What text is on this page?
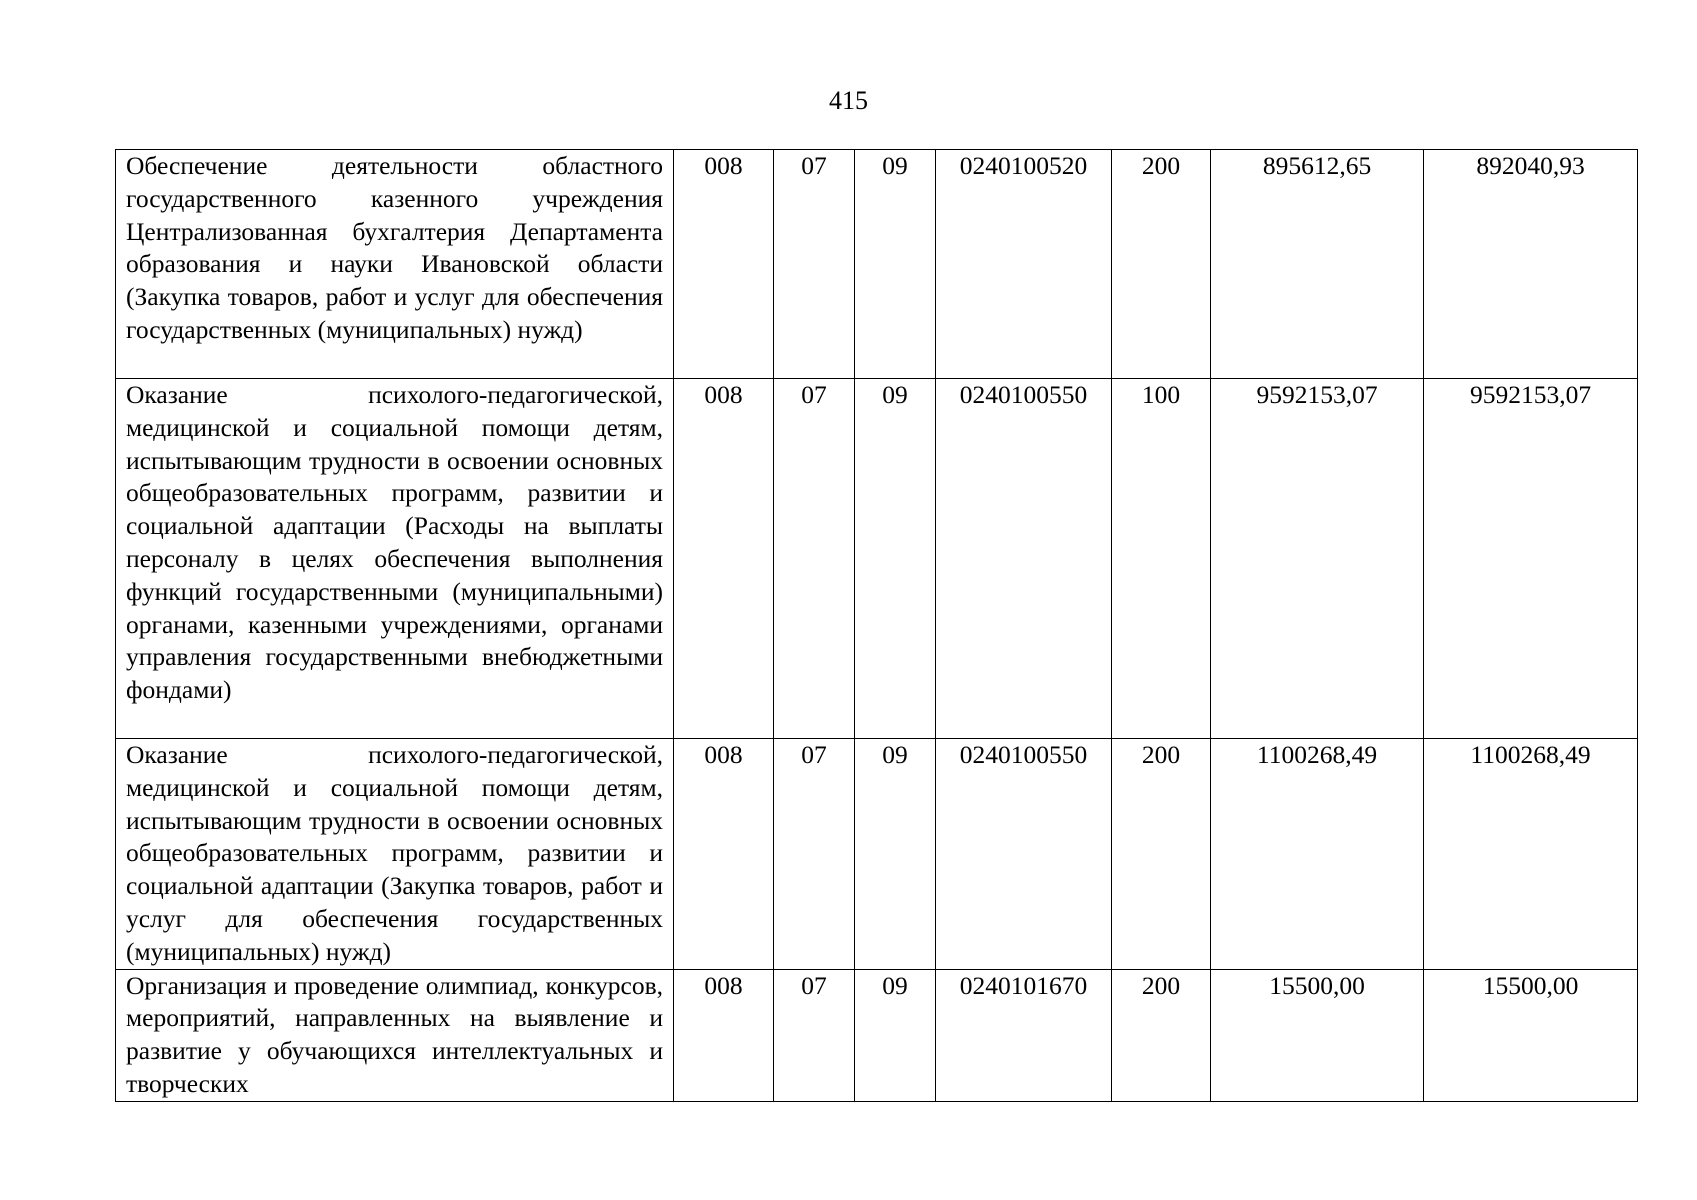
415
Обеспечение деятельности областного государственного казенного учреждения Централизованная бухгалтерия Департамента образования и науки Ивановской области (Закупка товаров, работ и услуг для обеспечения государственных (муниципальных) нужд)	008	07	09	0240100520	200	895612,65	892040,93
Оказание психолого-педагогической, медицинской и социальной помощи детям, испытывающим трудности в освоении основных общеобразовательных программ, развитии и социальной адаптации (Расходы на выплаты персоналу в целях обеспечения выполнения функций государственными (муниципальными) органами, казенными учреждениями, органами управления государственными внебюджетными фондами)	008	07	09	0240100550	100	9592153,07	9592153,07
Оказание психолого-педагогической, медицинской и социальной помощи детям, испытывающим трудности в освоении основных общеобразовательных программ, развитии и социальной адаптации (Закупка товаров, работ и услуг для обеспечения государственных (муниципальных) нужд)	008	07	09	0240100550	200	1100268,49	1100268,49
Организация и проведение олимпиад, конкурсов, мероприятий, направленных на выявление и развитие у обучающихся интеллектуальных и творческих	008	07	09	0240101670	200	15500,00	15500,00
